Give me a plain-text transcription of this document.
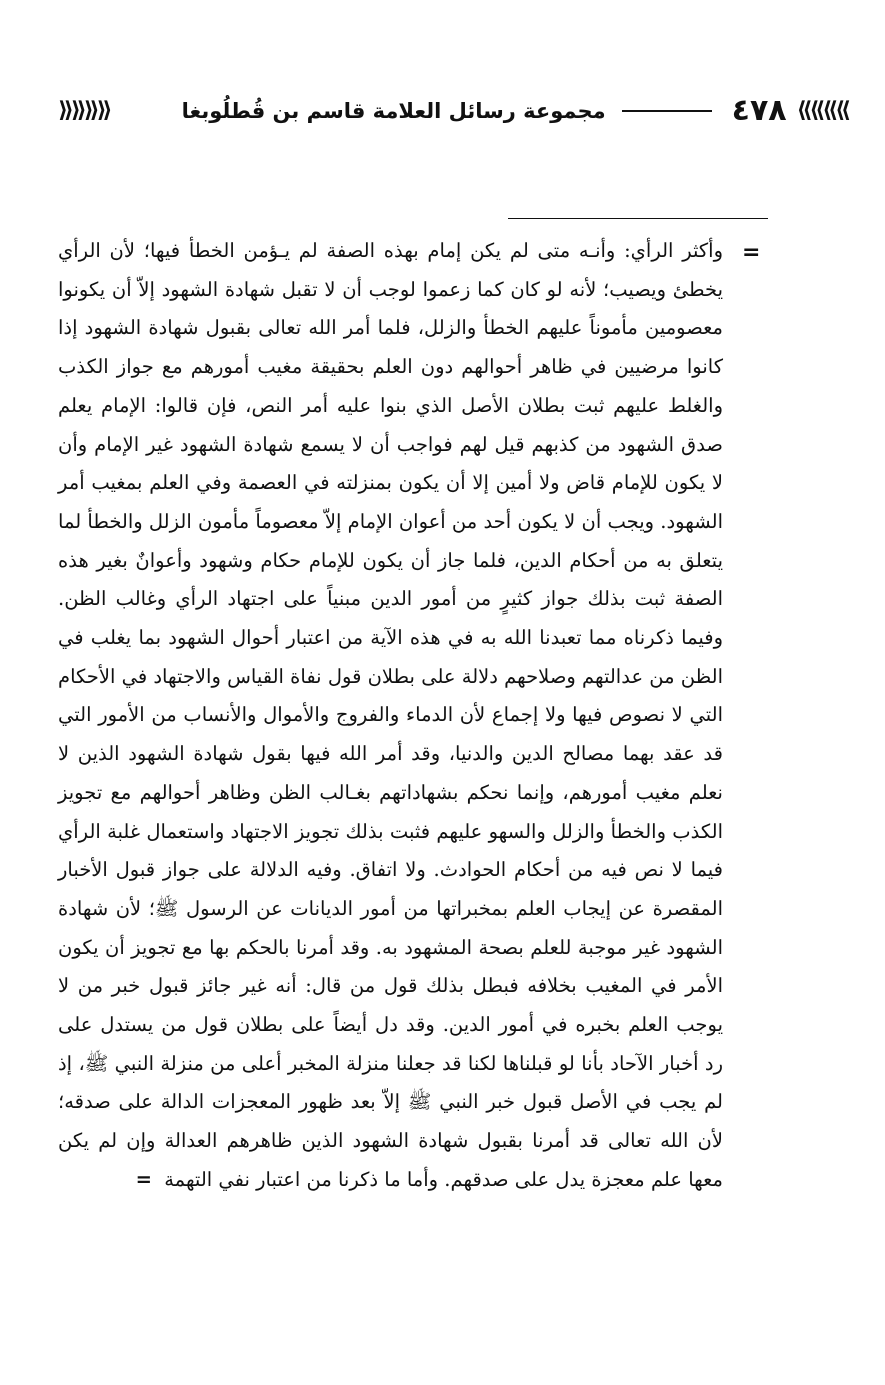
⟪⟪⟪⟪
٤٧٨
مجموعة رسائل العلامة قاسم بن قُطلُوبغا
⟫⟫⟫⟫
=
وأكثر الرأي: وأنـه متى لم يكن إمام بهذه الصفة لم يـؤمن الخطأ فيها؛ لأن الرأي يخطئ ويصيب؛ لأنه لو كان كما زعموا لوجب أن لا تقبل شهادة الشهود إلاّ أن يكونوا معصومين مأموناً عليهم الخطأ والزلل، فلما أمر الله تعالى بقبول شهادة الشهود إذا كانوا مرضيين في ظاهر أحوالهم دون العلم بحقيقة مغيب أمورهم مع جواز الكذب والغلط عليهم ثبت بطلان الأصل الذي بنوا عليه أمر النص، فإن قالوا: الإمام يعلم صدق الشهود من كذبهم قيل لهم فواجب أن لا يسمع شهادة الشهود غير الإمام وأن لا يكون للإمام قاض ولا أمين إلا أن يكون بمنزلته في العصمة وفي العلم بمغيب أمر الشهود. ويجب أن لا يكون أحد من أعوان الإمام إلاّ معصوماً مأمون الزلل والخطأ لما يتعلق به من أحكام الدين، فلما جاز أن يكون للإمام حكام وشهود وأعوانٌ بغير هذه الصفة ثبت بذلك جواز كثيرٍ من أمور الدين مبنياً على اجتهاد الرأي وغالب الظن. وفيما ذكرناه مما تعبدنا الله به في هذه الآية من اعتبار أحوال الشهود بما يغلب في الظن من عدالتهم وصلاحهم دلالة على بطلان قول نفاة القياس والاجتهاد في الأحكام التي لا نصوص فيها ولا إجماع لأن الدماء والفروج والأموال والأنساب من الأمور التي قد عقد بهما مصالح الدين والدنيا، وقد أمر الله فيها بقول شهادة الشهود الذين لا نعلم مغيب أمورهم، وإنما نحكم بشهاداتهم بغـالب الظن وظاهر أحوالهم مع تجويز الكذب والخطأ والزلل والسهو عليهم فثبت بذلك تجويز الاجتهاد واستعمال غلبة الرأي فيما لا نص فيه من أحكام الحوادث. ولا اتفاق. وفيه الدلالة على جواز قبول الأخبار المقصرة عن إيجاب العلم بمخبراتها من أمور الديانات عن الرسول ﷺ؛ لأن شهادة الشهود غير موجبة للعلم بصحة المشهود به. وقد أمرنا بالحكم بها مع تجويز أن يكون الأمر في المغيب بخلافه فبطل بذلك قول من قال: أنه غير جائز قبول خبر من لا يوجب العلم بخبره في أمور الدين. وقد دل أيضاً على بطلان قول من يستدل على رد أخبار الآحاد بأنا لو قبلناها لكنا قد جعلنا منزلة المخبر أعلى من منزلة النبي ﷺ، إذ لم يجب في الأصل قبول خبر النبي ﷺ إلاّ بعد ظهور المعجزات الدالة على صدقه؛ لأن الله تعالى قد أمرنا بقبول شهادة الشهود الذين ظاهرهم العدالة وإن لم يكن معها علم معجزة يدل على صدقهم. وأما ما ذكرنا من اعتبار نفي التهمة =
